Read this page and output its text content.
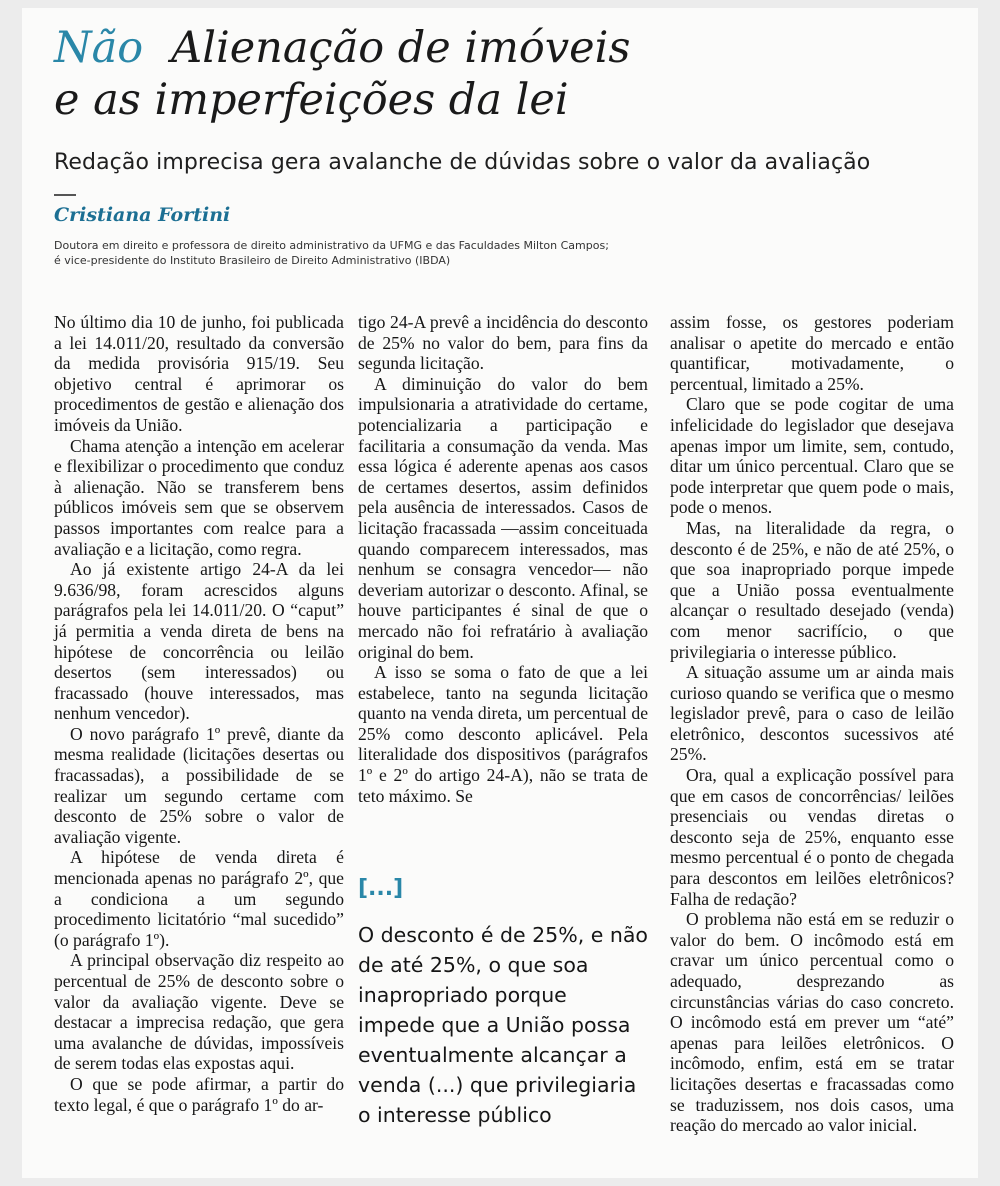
Não Alienação de imóveis
e as imperfeições da lei

Redação imprecisa gera avalanche de dúvidas sobre o valor da avaliação

Cristiana Fortini

Doutora em direito e professora de direito administrativo da UFMG e das Faculdades Milton Campos;
é vice-presidente do Instituto Brasileiro de Direito Administrativo (IBDA)

No último dia 10 de junho, foi publicada a lei 14.011/20, resultado da conversão da medida provisória 915/19. Seu objetivo central é aprimorar os procedimentos de gestão e alienação dos imóveis da União.

Chama atenção a intenção em acelerar e flexibilizar o procedimento que conduz à alienação. Não se transferem bens públicos imóveis sem que se observem passos importantes com realce para a avaliação e a licitação, como regra.

Ao já existente artigo 24-A da lei 9.636/98, foram acrescidos alguns parágrafos pela lei 14.011/20. O “caput” já permitia a venda direta de bens na hipótese de concorrência ou leilão desertos (sem interessados) ou fracassado (houve interessados, mas nenhum vencedor).

O novo parágrafo 1º prevê, diante da mesma realidade (licitações desertas ou fracassadas), a possibilidade de se realizar um segundo certame com desconto de 25% sobre o valor de avaliação vigente.

A hipótese de venda direta é mencionada apenas no parágrafo 2º, que a condiciona a um segundo procedimento licitatório “mal sucedido” (o parágrafo 1º).

A principal observação diz respeito ao percentual de 25% de desconto sobre o valor da avaliação vigente. Deve se destacar a imprecisa redação, que gera uma avalanche de dúvidas, impossíveis de serem todas elas expostas aqui.

O que se pode afirmar, a partir do texto legal, é que o parágrafo 1º do ar-

tigo 24-A prevê a incidência do desconto de 25% no valor do bem, para fins da segunda licitação.

A diminuição do valor do bem impulsionaria a atratividade do certame, potencializaria a participação e facilitaria a consumação da venda. Mas essa lógica é aderente apenas aos casos de certames desertos, assim definidos pela ausência de interessados. Casos de licitação fracassada —assim conceituada quando comparecem interessados, mas nenhum se consagra vencedor— não deveriam autorizar o desconto. Afinal, se houve participantes é sinal de que o mercado não foi refratário à avaliação original do bem.

A isso se soma o fato de que a lei estabelece, tanto na segunda licitação quanto na venda direta, um percentual de 25% como desconto aplicável. Pela literalidade dos dispositivos (parágrafos 1º e 2º do artigo 24-A), não se trata de teto máximo. Se

[...]

O desconto é de 25%, e não de até 25%, o que soa inapropriado porque impede que a União possa eventualmente alcançar a venda (...) que privilegiaria o interesse público

assim fosse, os gestores poderiam analisar o apetite do mercado e então quantificar, motivadamente, o percentual, limitado a 25%.

Claro que se pode cogitar de uma infelicidade do legislador que desejava apenas impor um limite, sem, contudo, ditar um único percentual. Claro que se pode interpretar que quem pode o mais, pode o menos.

Mas, na literalidade da regra, o desconto é de 25%, e não de até 25%, o que soa inapropriado porque impede que a União possa eventualmente alcançar o resultado desejado (venda) com menor sacrifício, o que privilegiaria o interesse público.

A situação assume um ar ainda mais curioso quando se verifica que o mesmo legislador prevê, para o caso de leilão eletrônico, descontos sucessivos até 25%.

Ora, qual a explicação possível para que em casos de concorrências/ leilões presenciais ou vendas diretas o desconto seja de 25%, enquanto esse mesmo percentual é o ponto de chegada para descontos em leilões eletrônicos? Falha de redação?

O problema não está em se reduzir o valor do bem. O incômodo está em cravar um único percentual como o adequado, desprezando as circunstâncias várias do caso concreto. O incômodo está em prever um “até” apenas para leilões eletrônicos. O incômodo, enfim, está em se tratar licitações desertas e fracassadas como se traduzissem, nos dois casos, uma reação do mercado ao valor inicial.
